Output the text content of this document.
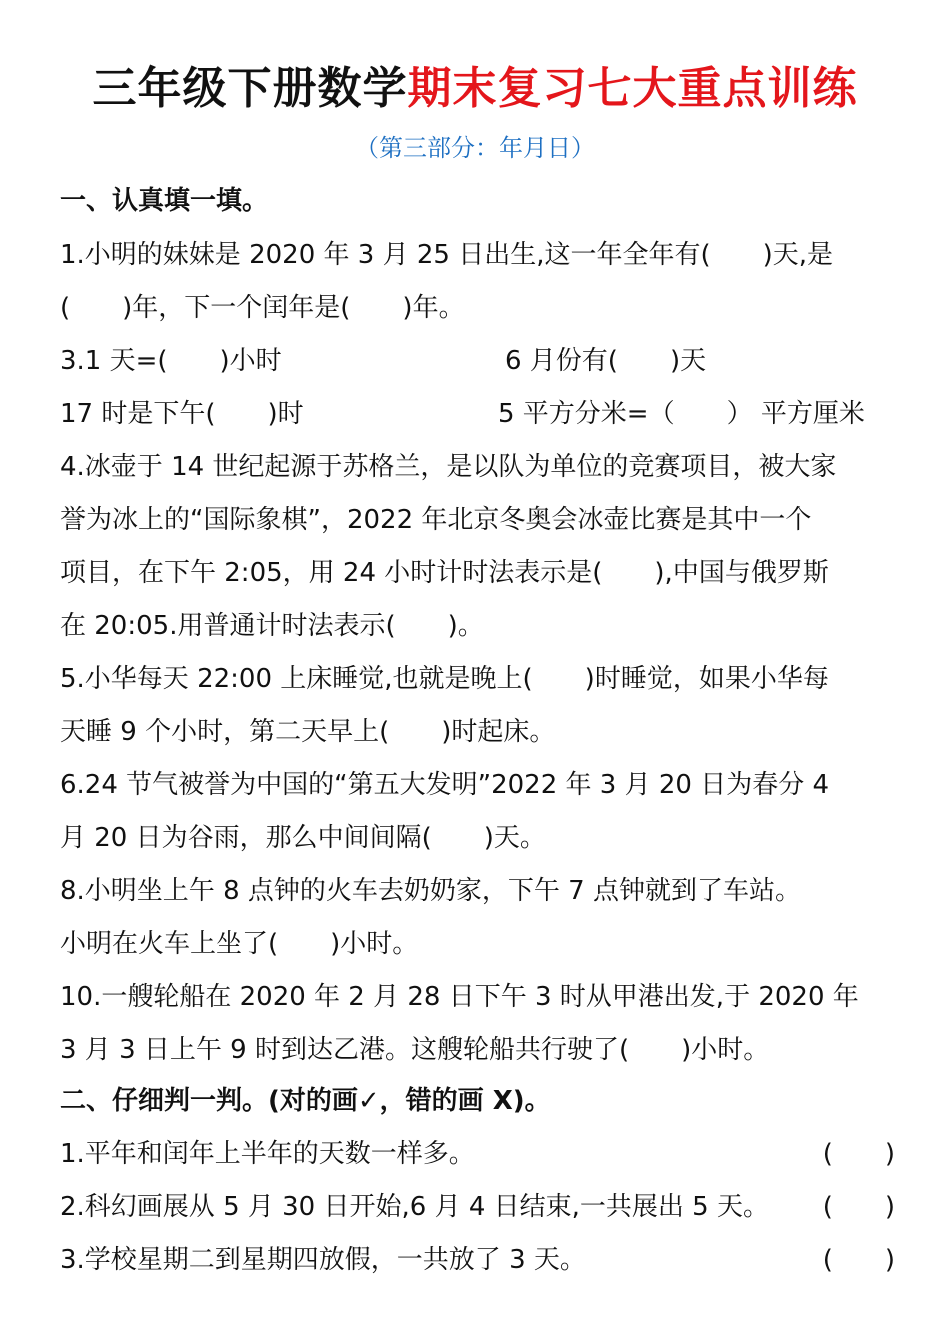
三年级下册数学期末复习七大重点训练
（第三部分：年月日）
一、认真填一填。
1.小明的妹妹是 2020 年 3 月 25 日出生,这一年全年有(　　)天,是
(　　)年，下一个闰年是(　　)年。
3.1 天=(　　)小时	6 月份有(　　)天
17 时是下午(　　)时	5 平方分米=（　　） 平方厘米
4.冰壶于 14 世纪起源于苏格兰，是以队为单位的竞赛项目，被大家
誉为冰上的“国际象棋”，2022 年北京冬奥会冰壶比赛是其中一个
项目，在下午 2:05，用 24 小时计时法表示是(　　),中国与俄罗斯
在 20:05.用普通计时法表示(　　)。
5.小华每天 22:00 上床睡觉,也就是晚上(　　)时睡觉，如果小华每
天睡 9 个小时，第二天早上(　　)时起床。
6.24 节气被誉为中国的“第五大发明”2022 年 3 月 20 日为春分 4
月 20 日为谷雨，那么中间间隔(　　)天。
8.小明坐上午 8 点钟的火车去奶奶家，下午 7 点钟就到了车站。
小明在火车上坐了(　　)小时。
10.一艘轮船在 2020 年 2 月 28 日下午 3 时从甲港出发,于 2020 年
3 月 3 日上午 9 时到达乙港。这艘轮船共行驶了(　　)小时。
二、仔细判一判。(对的画✓，错的画 X)。
1.平年和闰年上半年的天数一样多。	(　　)
2.科幻画展从 5 月 30 日开始,6 月 4 日结束,一共展出 5 天。 (　　)
3.学校星期二到星期四放假，一共放了 3 天。	(　　)
